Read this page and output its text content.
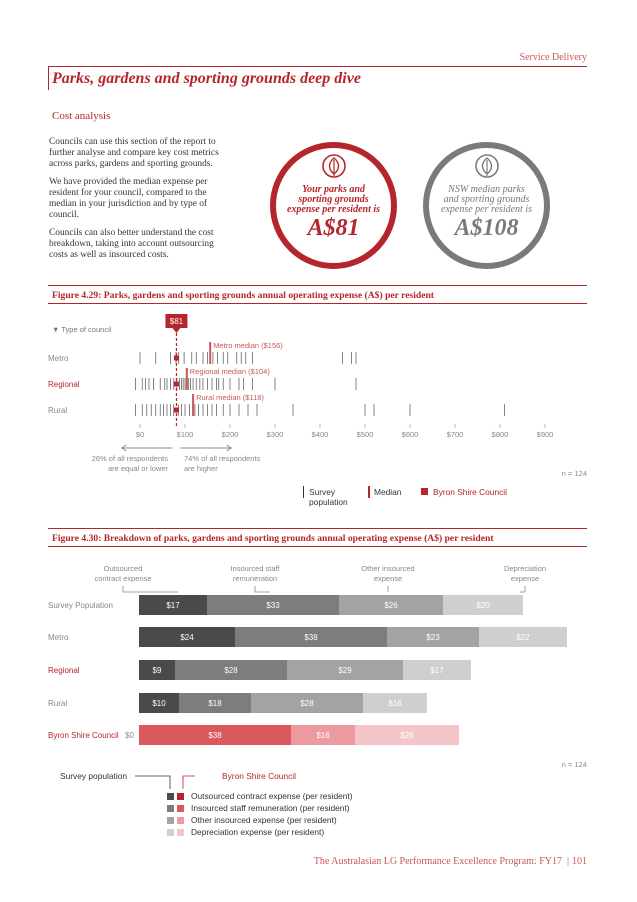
Service Delivery
Parks, gardens and sporting grounds deep dive
Cost analysis
Councils can use this section of the report to
further analyse and compare key cost metrics
across parks, gardens and sporting grounds.
We have provided the median expense per
resident for your council, compared to the
median in your jurisdiction and by type of
council.
Councils can also better understand the cost
breakdown, taking into account outsourcing
costs as well as insourced costs.
Your parks and
sporting grounds
expense per resident is
A$81
NSW median parks
and sporting grounds
expense per resident is
A$108
Figure 4.29: Parks, gardens and sporting grounds annual operating expense (A$) per resident
▼ Type of council
Metro
Metro median ($156)
Regional
Regional median ($104)
Rural
Rural median ($118)
$81
$0	$100	$200	$300	$400	$500	$600	$700	$800	$900
26% of all respondents
are equal or lower
74% of all respondents
are higher
n = 124
Survey
population
Median	Byron Shire Council
Figure 4.30: Breakdown of parks, gardens and sporting grounds annual operating expense (A$) per resident
Outsourced
contract expense
Insourced staff
remuneration
Other insourced
expense
Depreciation
expense
Survey Population	$17	$33	$26	$20
Metro	$24	$38	$23	$22
Regional	$9	$28	$29	$17
Rural	$10	$18	$28	$16
Byron Shire Council $0	$38	$16	$26
n = 124
Survey population	Byron Shire Council
Outsourced contract expense (per resident)
Insourced staff remuneration (per resident)
Other insourced expense (per resident)
Depreciation expense (per resident)
The Australasian LG Performance Excellence Program: FY17 | 101
